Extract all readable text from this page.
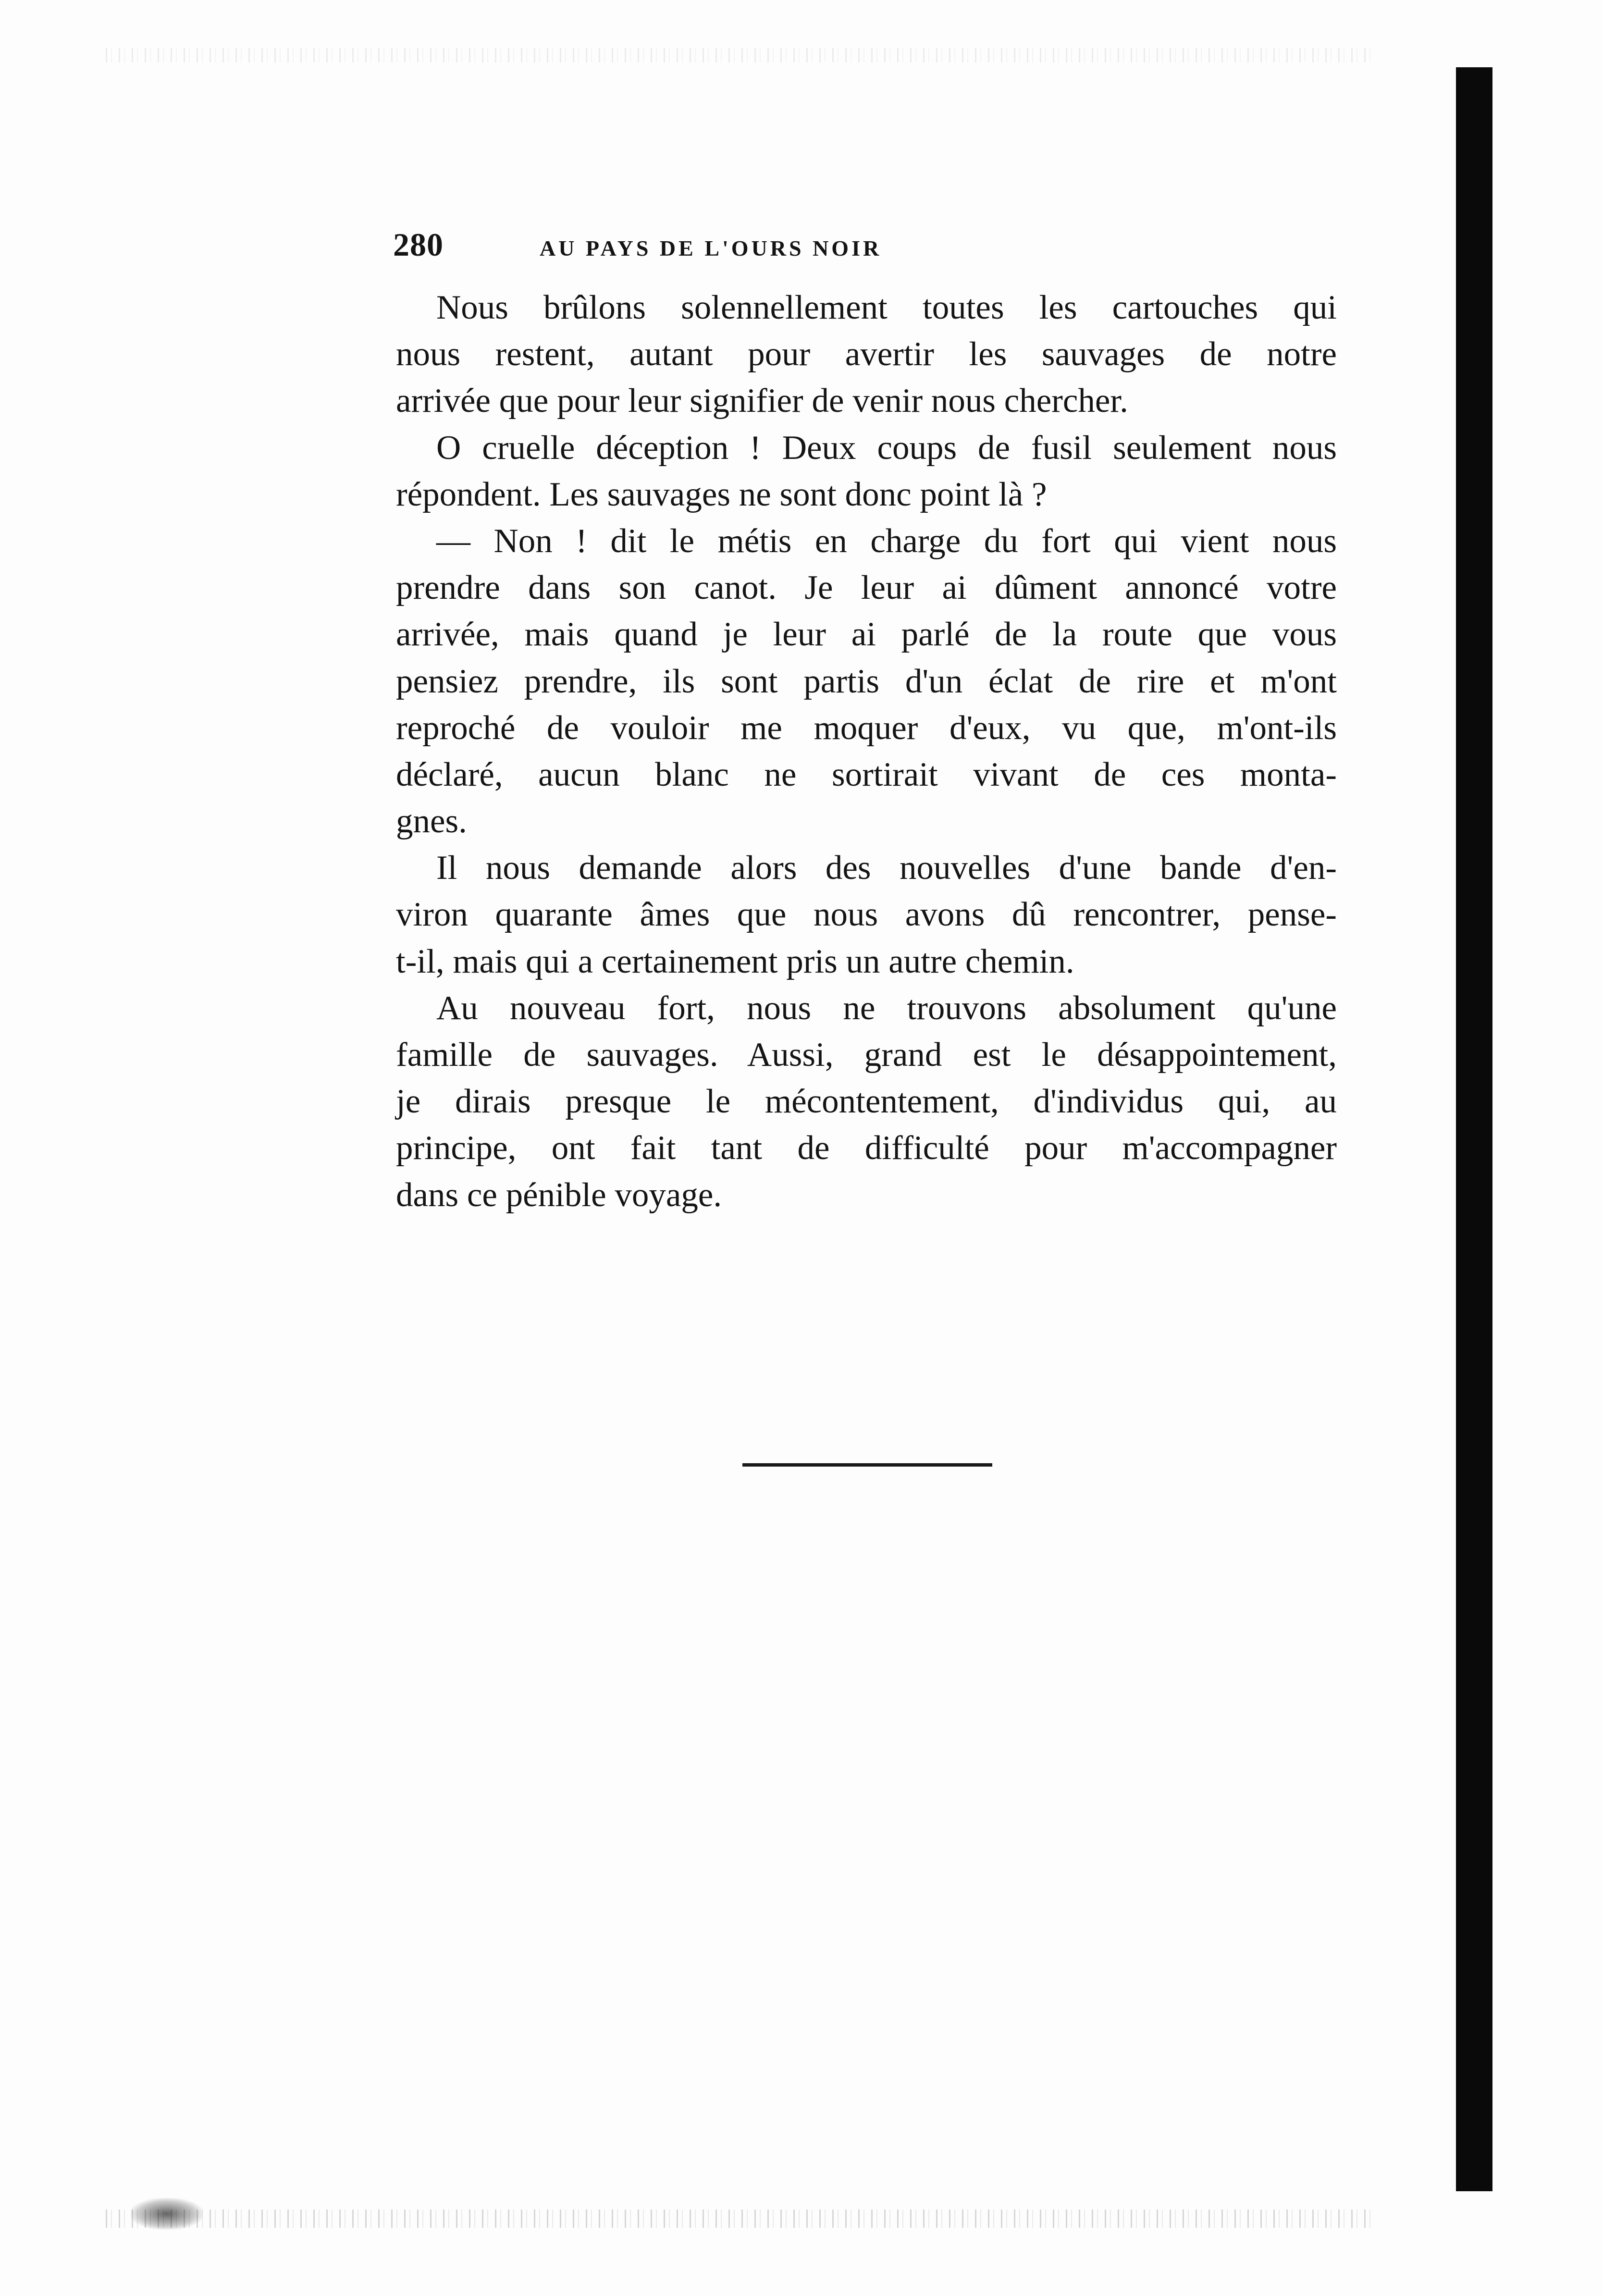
280	AU PAYS DE L'OURS NOIR
Nous brûlons solennellement toutes les cartouches qui
nous restent, autant pour avertir les sauvages de notre
arrivée que pour leur signifier de venir nous chercher.
O cruelle déception ! Deux coups de fusil seulement nous
répondent. Les sauvages ne sont donc point là ?
— Non ! dit le métis en charge du fort qui vient nous
prendre dans son canot. Je leur ai dûment annoncé votre
arrivée, mais quand je leur ai parlé de la route que vous
pensiez prendre, ils sont partis d'un éclat de rire et m'ont
reproché de vouloir me moquer d'eux, vu que, m'ont-ils
déclaré, aucun blanc ne sortirait vivant de ces monta-
gnes.
Il nous demande alors des nouvelles d'une bande d'en-
viron quarante âmes que nous avons dû rencontrer, pense-
t-il, mais qui a certainement pris un autre chemin.
Au nouveau fort, nous ne trouvons absolument qu'une
famille de sauvages. Aussi, grand est le désappointement,
je dirais presque le mécontentement, d'individus qui, au
principe, ont fait tant de difficulté pour m'accompagner
dans ce pénible voyage.
